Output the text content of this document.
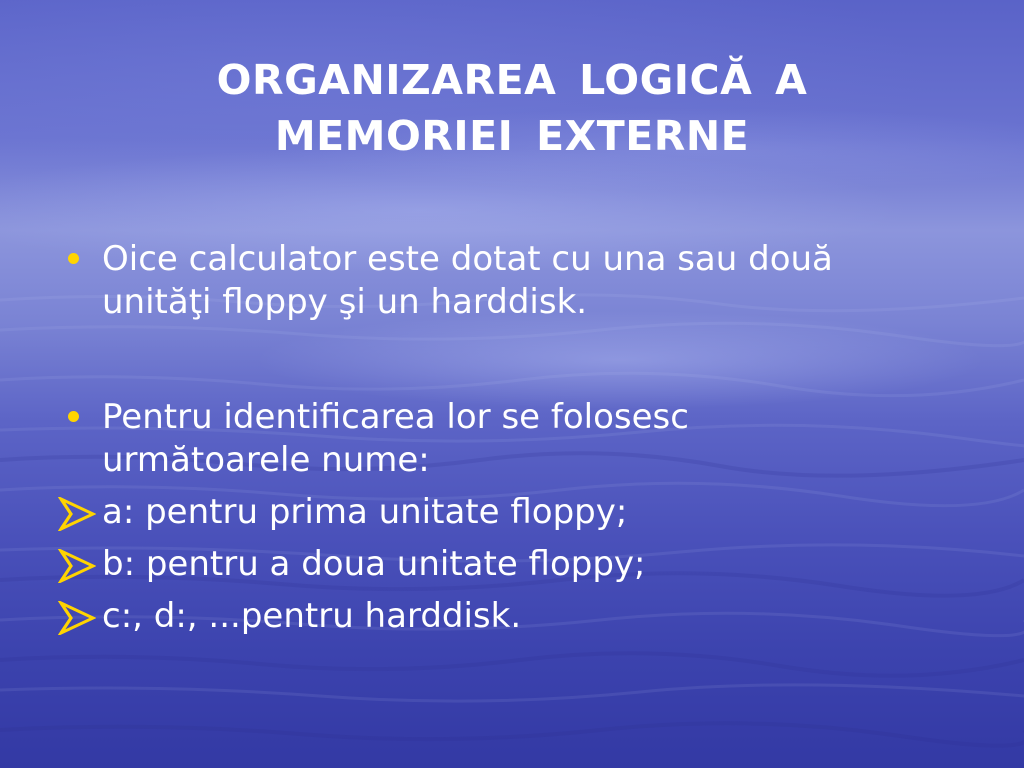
ORGANIZAREA LOGICĂ A
MEMORIEI EXTERNE
Oice calculator este dotat cu una sau două
unităţi floppy şi un harddisk.
Pentru identificarea lor se folosesc
următoarele nume:
a: pentru prima unitate floppy;
b: pentru a doua unitate floppy;
c:, d:, ...pentru harddisk.
